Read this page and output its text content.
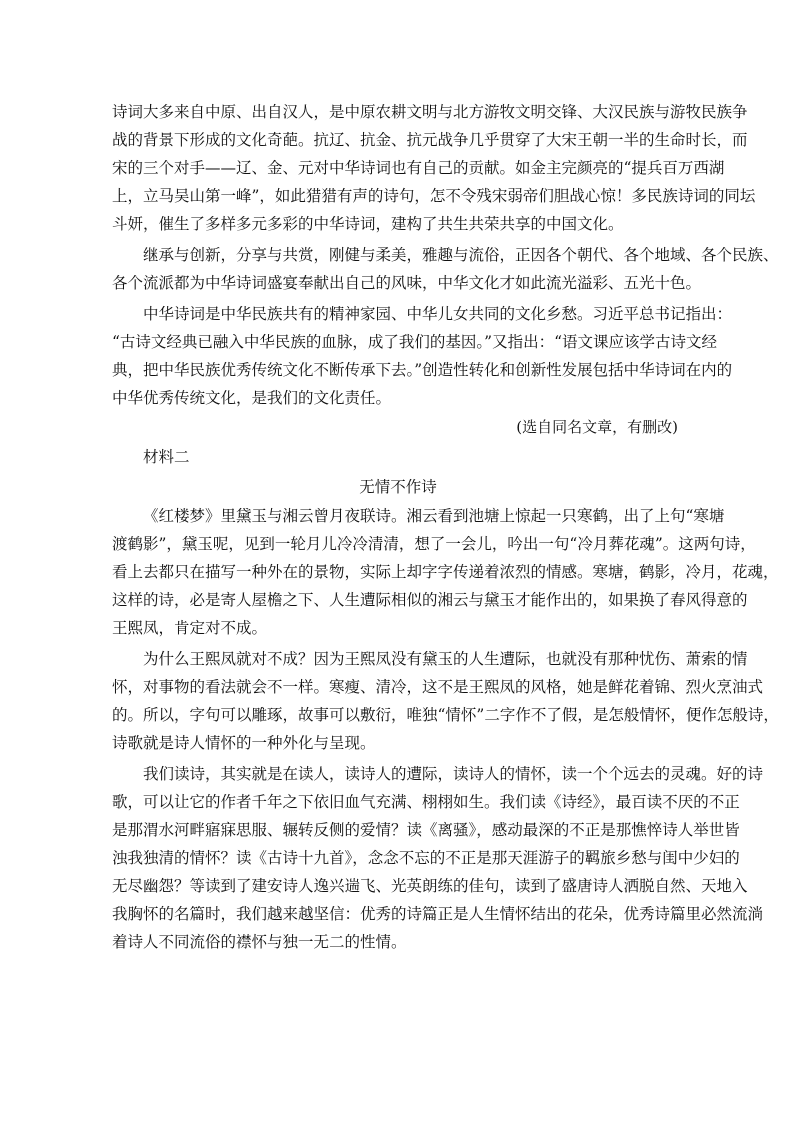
诗词大多来自中原、出自汉人，是中原农耕文明与北方游牧文明交锋、大汉民族与游牧民族争
战的背景下形成的文化奇葩。抗辽、抗金、抗元战争几乎贯穿了大宋王朝一半的生命时长，而
宋的三个对手——辽、金、元对中华诗词也有自己的贡献。如金主完颜亮的“提兵百万西湖
上，立马吴山第一峰”，如此猎猎有声的诗句，怎不令残宋弱帝们胆战心惊！多民族诗词的同坛
斗妍，催生了多样多元多彩的中华诗词，建构了共生共荣共享的中国文化。
继承与创新，分享与共赏，刚健与柔美，雅趣与流俗，正因各个朝代、各个地域、各个民族、
各个流派都为中华诗词盛宴奉献出自己的风味，中华文化才如此流光溢彩、五光十色。
中华诗词是中华民族共有的精神家园、中华儿女共同的文化乡愁。习近平总书记指出：
“古诗文经典已融入中华民族的血脉，成了我们的基因。”又指出：“语文课应该学古诗文经
典，把中华民族优秀传统文化不断传承下去。”创造性转化和创新性发展包括中华诗词在内的
中华优秀传统文化，是我们的文化责任。
(选自同名文章，有删改)
材料二
无情不作诗
《红楼梦》里黛玉与湘云曾月夜联诗。湘云看到池塘上惊起一只寒鹤，出了上句“寒塘
渡鹤影”，黛玉呢，见到一轮月儿冷冷清清，想了一会儿，吟出一句“冷月葬花魂”。这两句诗，
看上去都只在描写一种外在的景物，实际上却字字传递着浓烈的情感。寒塘，鹤影，冷月，花魂，
这样的诗，必是寄人屋檐之下、人生遭际相似的湘云与黛玉才能作出的，如果换了春风得意的
王熙凤，肯定对不成。
为什么王熙凤就对不成？因为王熙凤没有黛玉的人生遭际，也就没有那种忧伤、萧索的情
怀，对事物的看法就会不一样。寒瘦、清冷，这不是王熙凤的风格，她是鲜花着锦、烈火烹油式
的。所以，字句可以雕琢，故事可以敷衍，唯独“情怀”二字作不了假，是怎般情怀，便作怎般诗，
诗歌就是诗人情怀的一种外化与呈现。
我们读诗，其实就是在读人，读诗人的遭际，读诗人的情怀，读一个个远去的灵魂。好的诗
歌，可以让它的作者千年之下依旧血气充满、栩栩如生。我们读《诗经》，最百读不厌的不正
是那渭水河畔寤寐思服、辗转反侧的爱情？读《离骚》，感动最深的不正是那憔悴诗人举世皆
浊我独清的情怀？读《古诗十九首》，念念不忘的不正是那天涯游子的羁旅乡愁与闺中少妇的
无尽幽怨？等读到了建安诗人逸兴遄飞、光英朗练的佳句，读到了盛唐诗人洒脱自然、天地入
我胸怀的名篇时，我们越来越坚信：优秀的诗篇正是人生情怀结出的花朵，优秀诗篇里必然流淌
着诗人不同流俗的襟怀与独一无二的性情。
